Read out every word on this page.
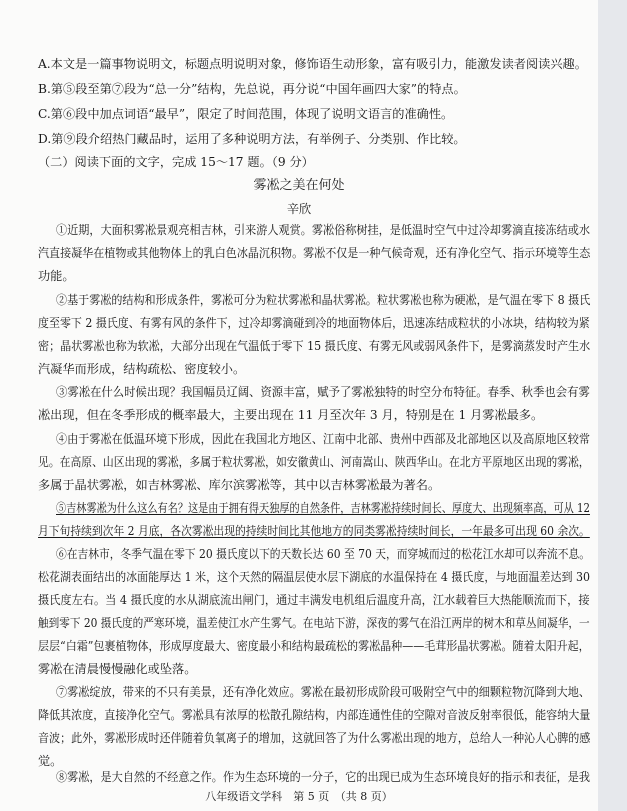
A.本文是一篇事物说明文，标题点明说明对象，修饰语生动形象，富有吸引力，能激发读者阅读兴趣。
B.第⑤段至第⑦段为“总一分”结构，先总说，再分说“中国年画四大家”的特点。
C.第⑥段中加点词语“最早”，限定了时间范围，体现了说明文语言的准确性。
D.第⑨段介绍热门藏品时，运用了多种说明方法，有举例子、分类别、作比较。
（二）阅读下面的文字，完成 15～17 题。（9 分）
雾凇之美在何处
辛欣
①近期，大面积雾凇景观亮相吉林，引来游人观赏。雾凇俗称树挂，是低温时空气中过冷却雾滴直接冻结或水
汽直接凝华在植物或其他物体上的乳白色冰晶沉积物。雾凇不仅是一种气候奇观，还有净化空气、指示环境等生态
功能。
②基于雾凇的结构和形成条件，雾凇可分为粒状雾凇和晶状雾凇。粒状雾凇也称为硬凇，是气温在零下 8 摄氏
度至零下 2 摄氏度、有雾有风的条件下，过冷却雾滴碰到冷的地面物体后，迅速冻结成粒状的小冰块，结构较为紧
密；晶状雾凇也称为软凇，大部分出现在气温低于零下 15 摄氏度、有雾无风或弱风条件下，是雾滴蒸发时产生水
汽凝华而形成，结构疏松、密度较小。
③雾凇在什么时候出现？我国幅员辽阔、资源丰富，赋予了雾凇独特的时空分布特征。春季、秋季也会有雾
凇出现，但在冬季形成的概率最大，主要出现在 11 月至次年 3 月，特别是在 1 月雾凇最多。
④由于雾凇在低温环境下形成，因此在我国北方地区、江南中北部、贵州中西部及北部地区以及高原地区较常
见。在高原、山区出现的雾凇，多属于粒状雾凇，如安徽黄山、河南嵩山、陕西华山。在北方平原地区出现的雾凇，
多属于晶状雾凇，如吉林雾凇、库尔滨雾凇等，其中以吉林雾凇最为著名。
⑤吉林雾凇为什么这么有名？这是由于拥有得天独厚的自然条件，吉林雾凇持续时间长、厚度大、出现频率高，可从 12
月下旬持续到次年 2 月底，各次雾凇出现的持续时间比其他地方的同类雾凇持续时间长，一年最多可出现 60 余次。
⑥在吉林市，冬季气温在零下 20 摄氏度以下的天数长达 60 至 70 天，而穿城而过的松花江水却可以奔流不息。
松花湖表面结出的冰面能厚达 1 米，这个天然的隔温层使水层下湖底的水温保持在 4 摄氏度，与地面温差达到 30
摄氏度左右。当 4 摄氏度的水从湖底流出闸门，通过丰满发电机组后温度升高，江水载着巨大热能顺流而下，接
触到零下 20 摄氏度的严寒环境，温差使江水产生雾气。在电站下游，深夜的雾气在沿江两岸的树木和草丛间凝华，一
层层“白霜”包裹植物体，形成厚度最大、密度最小和结构最疏松的雾凇晶种——毛茸形晶状雾凇。随着太阳升起，
雾凇在清晨慢慢融化或坠落。
⑦雾凇绽放，带来的不只有美景，还有净化效应。雾凇在最初形成阶段可吸附空气中的细颗粒物沉降到大地、
降低其浓度，直接净化空气。雾凇具有浓厚的松散孔隙结构，内部连通性佳的空隙对音波反射率很低，能容纳大量
音波；此外，雾凇形成时还伴随着负氧离子的增加，这就回答了为什么雾凇出现的地方，总给人一种沁人心脾的感
觉。
⑧雾凇，是大自然的不经意之作。作为生态环境的一分子，它的出现已成为生态环境良好的指示和表征，是我
八年级语文学科　第 5 页　（共 8 页）
